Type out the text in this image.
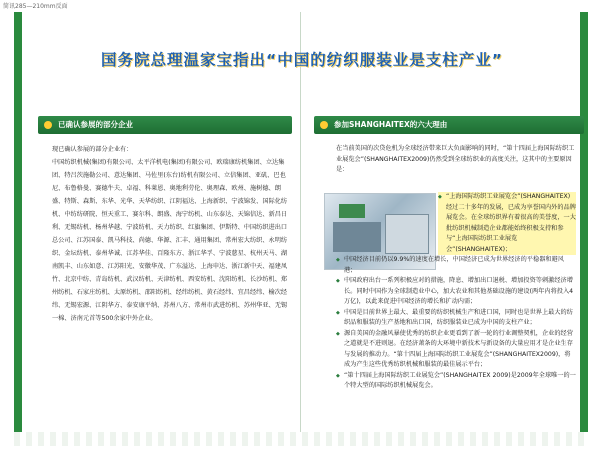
简讯285—210mm反面
国务院总理温家宝指出“中国的纺织服装业是支柱产业”
已确认参展的部分企业

现已确认参展的部分企业有：

中国纺织机械(集团)有限公司、太平洋机电(集团)有限公司、欧瑞康纺机集团、立达集团、特吕茨施勒公司、意达集团、马佐里(东台)纺机有限公司、立信集团、亚矶、巴也尼、布鲁格曼、赛德牛夫、卓福、科莱恩、奥地利劳伦、奥理森、欧州、施树德、朗盛、特斯、森斯、东华、光华、天华纺织、江阴福达、上海新织、宁波锦发、国际化纺机、中纺纺研院、恒天重工、赛尔科、朗盛、海宁纺机、山东泰达、天锦信达、新昌日利、无锡纺机、杨州华越、宁波纺机、天力纺织、红旗集团、伊斯特、中国纺织进出口总公司、江苏国泰、凯马科技、尚德、华源、汇丰、通用集团、常州宏大纺织、永明纺织、金坛纺机、泰州华诚、江苏华佳、百隆东方、浙江华孚、宁波慈星、杭州天马、湖南凯丰、山东如意、江苏阳光、安徽华茂、广东溢达、上海申达、浙江新中天、福建凤竹、北京中纺、青岛纺机、武汉纺机、天津纺机、西安纺机、沈阳纺机、长沙纺机、郑州纺机、石家庄纺机、太原纺机、邵阳纺机、经纬纺机、黄石经纬、宜昌经纬、榆次经纬、无锡宏源、江阴华方、泰安康平纳、苏州八方、常州市武进纺机、苏州华亚、无锡一棉、济南元首等500余家中外企业。

参加SHANGHAITEX的六大理由

在当前美国的次贷危机为全球经济带来巨大负面影响的同时，“第十四届上海国际纺织工业展览会”(SHANGHAITEX2009)仍然受到全球纺织业的高度关注，这其中的主要原因是：

◆ “上海国际纺织工业展览会”(SHANGHAITEX)经过二十多年的发展，已成为享誉国内外的品牌展览会。在全球纺织界有着很高的美誉度，一大批纺织机械制造企业都能始终积极支持和参与“上海国际纺织工业展览会”(SHANGHAITEX)；
◆ 中国经济目前仍以9.9%的速度在增长，中国经济已成为世界经济的平稳器和避风港；
◆ 中国政府出台一系列积极应对的措施，降息、增加出口退税、增加投资等刺激经济增长。同时中国作为全球制造业中心，加大农业和其他基础设施的建设(两年内将投入4万亿)，以此来促进中国经济的增长和扩动内需；
◆ 中国是目前世界上最大、最重要的纺织机械生产和进口国，同时也是世界上最大的纺织品和服装的生产基地和出口国，纺织服装业已成为中国的支柱产业；
◆ 源自美国的金融风暴使优秀的纺织企业更看到了新一轮的行业调整契机，企业的经营之道就是不进则退。在经济萧条的大环境中新技术与新设备的大量应用才是企业生存与发展的推动力。“第十四届上海国际纺织工业展览会”(SHANGHAITEX2009)，将成为产生这些优秀纺织机械和服装的最佳展示平台；
◆ “第十四届上海国际纺织工业展览会”(SHANGHAITEX 2009)是2009年全球唯一的一个特大型的国际纺织机械展览会。
